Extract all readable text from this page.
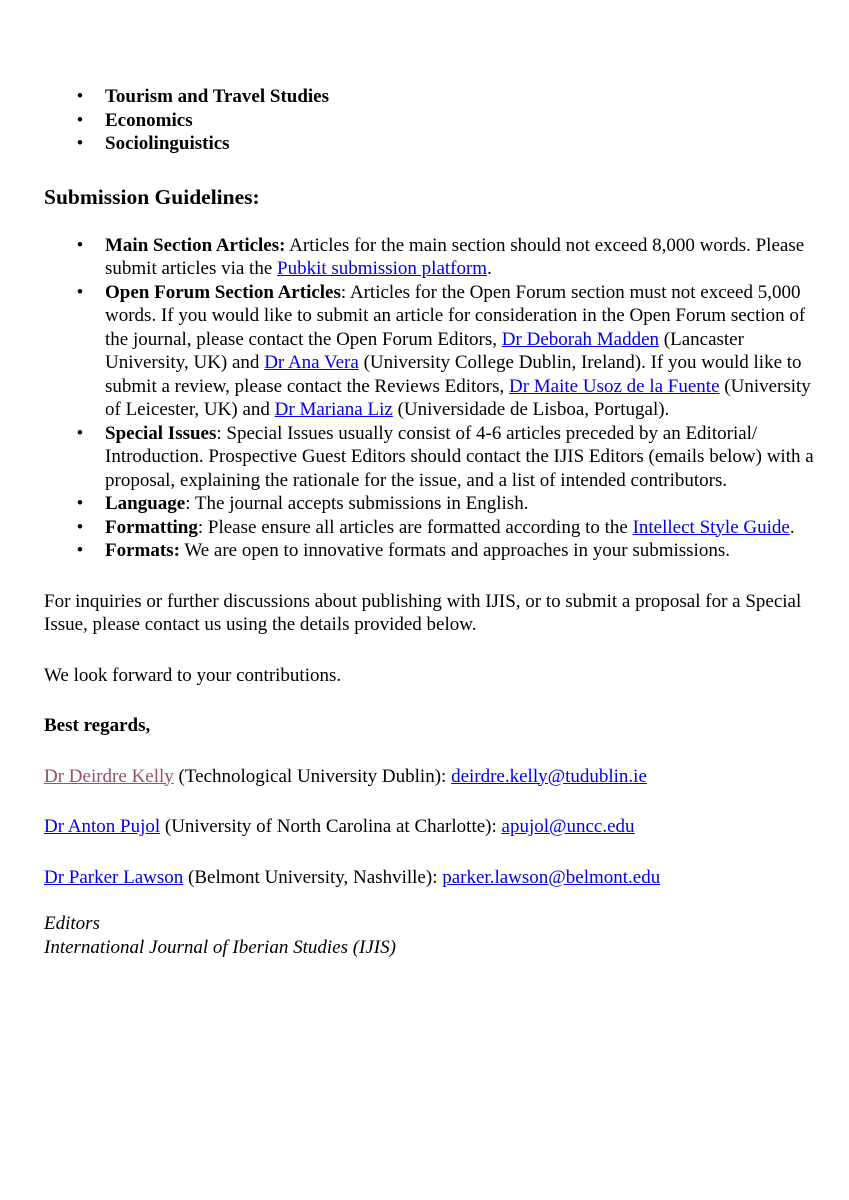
•
Tourism and Travel Studies
•
Economics
•
Sociolinguistics
Submission Guidelines:
•
Main Section Articles: Articles for the main section should not exceed 8,000 words. Please submit articles via the Pubkit submission platform.
•
Open Forum Section Articles: Articles for the Open Forum section must not exceed 5,000 words. If you would like to submit an article for consideration in the Open Forum section of the journal, please contact the Open Forum Editors, Dr Deborah Madden (Lancaster University, UK) and Dr Ana Vera (University College Dublin, Ireland). If you would like to submit a review, please contact the Reviews Editors, Dr Maite Usoz de la Fuente (University of Leicester, UK) and Dr Mariana Liz (Universidade de Lisboa, Portugal).
•
Special Issues: Special Issues usually consist of 4-6 articles preceded by an Editorial/ Introduction. Prospective Guest Editors should contact the IJIS Editors (emails below) with a proposal, explaining the rationale for the issue, and a list of intended contributors.
•
Language: The journal accepts submissions in English.
•
Formatting: Please ensure all articles are formatted according to the Intellect Style Guide.
•
Formats: We are open to innovative formats and approaches in your submissions.

For inquiries or further discussions about publishing with IJIS, or to submit a proposal for a Special Issue, please contact us using the details provided below.

We look forward to your contributions.

Best regards,

Dr Deirdre Kelly (Technological University Dublin): deirdre.kelly@tudublin.ie

Dr Anton Pujol (University of North Carolina at Charlotte): apujol@uncc.edu

Dr Parker Lawson (Belmont University, Nashville): parker.lawson@belmont.edu

Editors
International Journal of Iberian Studies (IJIS)
